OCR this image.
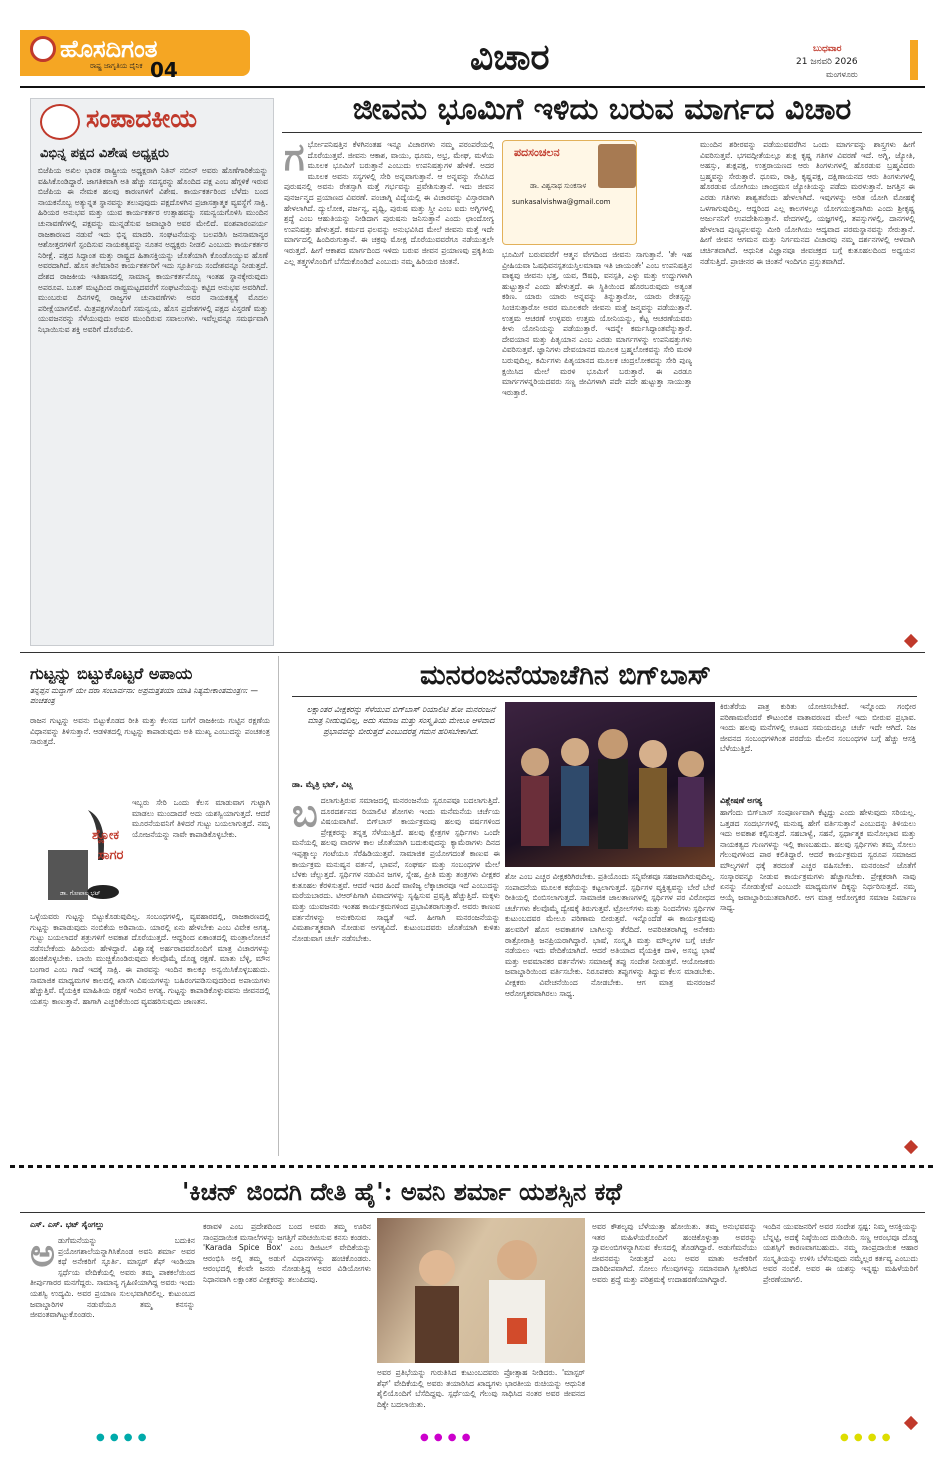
ಹೊಸದಿಗಂತ
ರಾಷ್ಟ್ರ ಜಾಗೃತಿಯ ದೈನಿಕ 04	ವಿಚಾರ	ಬುಧವಾರ
21 ಜನವರಿ 2026
ಮಂಗಳೂರು
ಸಂಪಾದಕೀಯ
ವಿಭಿನ್ನ ಪಕ್ಷದ ವಿಶೇಷ ಅಧ್ಯಕ್ಷರು
ಬಿಜೆಪಿಯ ಅಖಿಲ ಭಾರತ ರಾಷ್ಟ್ರೀಯ ಅಧ್ಯಕ್ಷರಾಗಿ ನಿತಿನ್ ನಬೀನ್ ಅವರು ಹೊಣೆಗಾರಿಕೆಯನ್ನು ವಹಿಸಿಕೊಂಡಿದ್ದಾರೆ. ಜಾಗತಿಕವಾಗಿ ಅತಿ ಹೆಚ್ಚು ಸದಸ್ಯರನ್ನು ಹೊಂದಿದ ಪಕ್ಷ ಎಂಬ ಹೆಗ್ಗಳಿಕೆ ಇರುವ ಬಿಜೆಪಿಯ ಈ ನೇಮಕ ಹಲವು ಕಾರಣಗಳಿಗೆ ವಿಶೇಷ. ಕಾರ್ಯಕರ್ತರಿಂದ ಬೆಳೆದು ಬಂದ ನಾಯಕನೊಬ್ಬ ಅತ್ಯುನ್ನತ ಸ್ಥಾನವನ್ನು ತಲುಪುವುದು ಪಕ್ಷದೊಳಗಿನ ಪ್ರಜಾಸತ್ತಾತ್ಮಕ ವ್ಯವಸ್ಥೆಗೆ ಸಾಕ್ಷಿ. ಹಿರಿಯರ ಅನುಭವ ಮತ್ತು ಯುವ ಕಾರ್ಯಕರ್ತರ ಉತ್ಸಾಹವನ್ನು ಸಮನ್ವಯಗೊಳಿಸಿ ಮುಂದಿನ ಚುನಾವಣೆಗಳಲ್ಲಿ ಪಕ್ಷವನ್ನು ಮುನ್ನಡೆಸುವ ಜವಾಬ್ದಾರಿ ಅವರ ಮೇಲಿದೆ. ವಂಶಪಾರಂಪರ್ಯ ರಾಜಕಾರಣದ ನಡುವೆ ಇದು ಭಿನ್ನ ಮಾದರಿ. ಸಂಘಟನೆಯನ್ನು ಬಲಪಡಿಸಿ ಜನಸಾಮಾನ್ಯರ ಆಶೋತ್ತರಗಳಿಗೆ ಸ್ಪಂದಿಸುವ ನಾಯಕತ್ವವನ್ನು ನೂತನ ಅಧ್ಯಕ್ಷರು ನೀಡಲಿ ಎಂಬುದು ಕಾರ್ಯಕರ್ತರ ನಿರೀಕ್ಷೆ. ಪಕ್ಷದ ಸಿದ್ಧಾಂತ ಮತ್ತು ರಾಷ್ಟ್ರದ ಹಿತಾಸಕ್ತಿಯನ್ನು ಜೊತೆಯಾಗಿ ಕೊಂಡೊಯ್ಯುವ ಹೊಣೆ ಅವರದಾಗಿದೆ. ಹೊಸ ತಲೆಮಾರಿನ ಕಾರ್ಯಕರ್ತರಿಗೆ ಇದು ಸ್ಫೂರ್ತಿಯ ಸಂದೇಶವನ್ನೂ ನೀಡುತ್ತದೆ. ದೇಶದ ರಾಜಕೀಯ ಇತಿಹಾಸದಲ್ಲಿ ಸಾಮಾನ್ಯ ಕಾರ್ಯಕರ್ತನೊಬ್ಬ ಇಂತಹ ಸ್ಥಾನಕ್ಕೇರುವುದು ಅಪರೂಪ. ಬೂತ್ ಮಟ್ಟದಿಂದ ರಾಷ್ಟ್ರಮಟ್ಟದವರೆಗೆ ಸಂಘಟನೆಯನ್ನು ಕಟ್ಟಿದ ಅನುಭವ ಅವರಿಗಿದೆ. ಮುಂಬರುವ ದಿನಗಳಲ್ಲಿ ರಾಜ್ಯಗಳ ಚುನಾವಣೆಗಳು ಅವರ ನಾಯಕತ್ವಕ್ಕೆ ಮೊದಲ ಪರೀಕ್ಷೆಯಾಗಲಿವೆ. ಮಿತ್ರಪಕ್ಷಗಳೊಂದಿಗೆ ಸಮನ್ವಯ, ಹೊಸ ಪ್ರದೇಶಗಳಲ್ಲಿ ಪಕ್ಷದ ವಿಸ್ತರಣೆ ಮತ್ತು ಯುವಜನರನ್ನು ಸೆಳೆಯುವುದು ಅವರ ಮುಂದಿರುವ ಸವಾಲುಗಳು. ಇವೆಲ್ಲವನ್ನೂ ಸಮರ್ಥವಾಗಿ ನಿಭಾಯಿಸುವ ಶಕ್ತಿ ಅವರಿಗೆ ದೊರೆಯಲಿ.
ಜೀವನು ಭೂಮಿಗೆ ಇಳಿದು ಬರುವ ಮಾರ್ಗದ ವಿಚಾರ
ಗರ್ಭೋಪನಿಷತ್ತಿನ ಕೆಳಗಿನಂತಹ ಇನ್ನೂ ವಿಚಾರಗಳು ನಮ್ಮ ಪರಂಪರೆಯಲ್ಲಿ ದೊರೆಯುತ್ತವೆ. ಜೀವನು ಆಕಾಶ, ವಾಯು, ಧೂಮ, ಅಭ್ರ, ಮೇಘ, ಮಳೆಯ ಮೂಲಕ ಭೂಮಿಗೆ ಬರುತ್ತಾನೆ ಎಂಬುದು ಉಪನಿಷತ್ತುಗಳ ಹೇಳಿಕೆ. ಅದರ ಮೂಲಕ ಅವನು ಸಸ್ಯಗಳಲ್ಲಿ ಸೇರಿ ಅನ್ನವಾಗುತ್ತಾನೆ. ಆ ಅನ್ನವನ್ನು ಸೇವಿಸಿದ ಪುರುಷನಲ್ಲಿ ಅವನು ರೇತಸ್ಸಾಗಿ ಮತ್ತೆ ಗರ್ಭವನ್ನು ಪ್ರವೇಶಿಸುತ್ತಾನೆ. ಇದು ಜೀವನ ಪುನರ್ಜನ್ಮದ ಪ್ರಯಾಣದ ವಿವರಣೆ. ಪಂಚಾಗ್ನಿ ವಿದ್ಯೆಯಲ್ಲಿ ಈ ವಿಚಾರವನ್ನು ವಿಸ್ತಾರವಾಗಿ ಹೇಳಲಾಗಿದೆ. ದ್ಯುಲೋಕ, ಪರ್ಜನ್ಯ, ಪೃಥ್ವಿ, ಪುರುಷ ಮತ್ತು ಸ್ತ್ರೀ ಎಂಬ ಐದು ಅಗ್ನಿಗಳಲ್ಲಿ ಶ್ರದ್ಧೆ ಎಂಬ ಆಹುತಿಯನ್ನು ನೀಡಿದಾಗ ಪುರುಷನು ಜನಿಸುತ್ತಾನೆ ಎಂದು ಛಾಂದೋಗ್ಯ ಉಪನಿಷತ್ತು ಹೇಳುತ್ತದೆ. ಕರ್ಮದ ಫಲವನ್ನು ಅನುಭವಿಸಿದ ಮೇಲೆ ಜೀವನು ಮತ್ತೆ ಇದೇ ಮಾರ್ಗದಲ್ಲಿ ಹಿಂದಿರುಗುತ್ತಾನೆ. ಈ ಚಕ್ರವು ಮೋಕ್ಷ ದೊರೆಯುವವರೆಗೂ ನಡೆಯುತ್ತಲೇ ಇರುತ್ತದೆ. ಹೀಗೆ ಆಕಾಶದ ಮಾರ್ಗದಿಂದ ಇಳಿದು ಬರುವ ಜೀವನ ಪ್ರಯಾಣವು ಪ್ರಕೃತಿಯ ಎಲ್ಲ ತತ್ತ್ವಗಳೊಂದಿಗೆ ಬೆಸೆದುಕೊಂಡಿದೆ ಎಂಬುದು ನಮ್ಮ ಹಿರಿಯರ ಚಿಂತನೆ.
ಪದಸಂಚಲನ
ಡಾ. ವಿಶ್ವನಾಥ ಸುಂಕಸಾಳ
sunkasalvishwa@gmail.com
ಭೂಮಿಗೆ ಬರುವವರೆಗೆ ಆತ್ಮನ ವೇಗದಿಂದ ಜೀವನು ಸಾಗುತ್ತಾನೆ. 'ತೇ ಇಹ ವ್ರೀಹಿಯವಾ ಓಷಧಿವನಸ್ಪತಯಸ್ತಿಲಮಾಷಾ ಇತಿ ಜಾಯಂತೇ' ಎಂಬ ಉಪನಿಷತ್ತಿನ ವಾಕ್ಯವು ಜೀವನು ಭತ್ತ, ಯವ, ಔಷಧಿ, ವನಸ್ಪತಿ, ಎಳ್ಳು ಮತ್ತು ಉದ್ದುಗಳಾಗಿ ಹುಟ್ಟುತ್ತಾನೆ ಎಂದು ಹೇಳುತ್ತದೆ. ಈ ಸ್ಥಿತಿಯಿಂದ ಹೊರಬರುವುದು ಅತ್ಯಂತ ಕಠಿಣ. ಯಾರು ಯಾರು ಅನ್ನವನ್ನು ತಿನ್ನುತ್ತಾರೋ, ಯಾರು ರೇತಸ್ಸನ್ನು ಸಿಂಚಿಸುತ್ತಾರೋ ಅವರ ಮೂಲಕವೇ ಜೀವನು ಮತ್ತೆ ಜನ್ಮವನ್ನು ಪಡೆಯುತ್ತಾನೆ. ಉತ್ತಮ ಆಚರಣೆ ಉಳ್ಳವರು ಉತ್ತಮ ಯೋನಿಯನ್ನು, ಕೆಟ್ಟ ಆಚರಣೆಯವರು ಕೀಳು ಯೋನಿಯನ್ನು ಪಡೆಯುತ್ತಾರೆ. ಇದನ್ನೇ ಕರ್ಮಸಿದ್ಧಾಂತವೆನ್ನುತ್ತಾರೆ. ದೇವಯಾನ ಮತ್ತು ಪಿತೃಯಾನ ಎಂಬ ಎರಡು ಮಾರ್ಗಗಳನ್ನು ಉಪನಿಷತ್ತುಗಳು ವಿವರಿಸುತ್ತವೆ. ಜ್ಞಾನಿಗಳು ದೇವಯಾನದ ಮೂಲಕ ಬ್ರಹ್ಮಲೋಕವನ್ನು ಸೇರಿ ಮರಳಿ ಬರುವುದಿಲ್ಲ. ಕರ್ಮಿಗಳು ಪಿತೃಯಾನದ ಮೂಲಕ ಚಂದ್ರಲೋಕವನ್ನು ಸೇರಿ ಪುಣ್ಯ ಕ್ಷಯಿಸಿದ ಮೇಲೆ ಮರಳಿ ಭೂಮಿಗೆ ಬರುತ್ತಾರೆ. ಈ ಎರಡೂ ಮಾರ್ಗಗಳನ್ನರಿಯದವರು ಸಣ್ಣ ಜೀವಿಗಳಾಗಿ ಪದೇ ಪದೇ ಹುಟ್ಟುತ್ತಾ ಸಾಯುತ್ತಾ ಇರುತ್ತಾರೆ.
ಮುಂದಿನ ಶರೀರವನ್ನು ಪಡೆಯುವವರೆಗಿನ ಒಂದು ಮಾರ್ಗವನ್ನು ಶಾಸ್ತ್ರಗಳು ಹೀಗೆ ವಿವರಿಸುತ್ತವೆ. ಭಗವದ್ಗೀತೆಯಲ್ಲೂ ಶುಕ್ಲ ಕೃಷ್ಣ ಗತಿಗಳ ವಿವರಣೆ ಇದೆ. ಅಗ್ನಿ, ಜ್ಯೋತಿ, ಅಹಸ್ಸು, ಶುಕ್ಲಪಕ್ಷ, ಉತ್ತರಾಯಣದ ಆರು ತಿಂಗಳುಗಳಲ್ಲಿ ಹೊರಡುವ ಬ್ರಹ್ಮವಿದರು ಬ್ರಹ್ಮವನ್ನು ಸೇರುತ್ತಾರೆ. ಧೂಮ, ರಾತ್ರಿ, ಕೃಷ್ಣಪಕ್ಷ, ದಕ್ಷಿಣಾಯನದ ಆರು ತಿಂಗಳುಗಳಲ್ಲಿ ಹೊರಡುವ ಯೋಗಿಯು ಚಾಂದ್ರಮಸ ಜ್ಯೋತಿಯನ್ನು ಪಡೆದು ಮರಳುತ್ತಾನೆ. ಜಗತ್ತಿನ ಈ ಎರಡು ಗತಿಗಳು ಶಾಶ್ವತವೆಂದು ಹೇಳಲಾಗಿದೆ. ಇವುಗಳನ್ನು ಅರಿತ ಯೋಗಿ ಮೋಹಕ್ಕೆ ಒಳಗಾಗುವುದಿಲ್ಲ. ಆದ್ದರಿಂದ ಎಲ್ಲ ಕಾಲಗಳಲ್ಲೂ ಯೋಗಯುಕ್ತನಾಗಿರು ಎಂದು ಶ್ರೀಕೃಷ್ಣ ಅರ್ಜುನನಿಗೆ ಉಪದೇಶಿಸುತ್ತಾನೆ. ವೇದಗಳಲ್ಲಿ, ಯಜ್ಞಗಳಲ್ಲಿ, ತಪಸ್ಸುಗಳಲ್ಲಿ, ದಾನಗಳಲ್ಲಿ ಹೇಳಲಾದ ಪುಣ್ಯಫಲವನ್ನು ಮೀರಿ ಯೋಗಿಯು ಆದ್ಯವಾದ ಪರಮಸ್ಥಾನವನ್ನು ಸೇರುತ್ತಾನೆ. ಹೀಗೆ ಜೀವನ ಆಗಮನ ಮತ್ತು ನಿರ್ಗಮನದ ವಿಚಾರವು ನಮ್ಮ ದರ್ಶನಗಳಲ್ಲಿ ಆಳವಾಗಿ ಚರ್ಚಿತವಾಗಿದೆ. ಆಧುನಿಕ ವಿಜ್ಞಾನವೂ ಜೀವಚಕ್ರದ ಬಗ್ಗೆ ಕುತೂಹಲದಿಂದ ಅಧ್ಯಯನ ನಡೆಸುತ್ತಿದೆ. ಪ್ರಾಚೀನರ ಈ ಚಿಂತನೆ ಇಂದಿಗೂ ಪ್ರಸ್ತುತವಾಗಿದೆ.
ಗುಟ್ಟನ್ನು ಬಿಟ್ಟುಕೊಟ್ಟರೆ ಅಪಾಯ
ತನ್ನಪ್ಪನ ಮದ್ದಾಗ್ ಯೇ ದರಾ ಸಂಬಾರ್ವನಾ: ಅಪ್ರಮತ್ತತಯಾ ಯಾತಿ ನಿತ್ಯಮೇಕಾಂತಮಂತ್ರಣ: — ಪಂಚತಂತ್ರ
ರಾಜನ ಗುಟ್ಟನ್ನು ಅವನು ಬಿಟ್ಟುಕೊಡದ ರೀತಿ ಮತ್ತು ಕೆಲಸದ ಬಗೆಗೆ ರಾಜಕೀಯ ಗುಟ್ಟಿನ ರಕ್ಷಣೆಯ ವಿಧಾನವನ್ನು ತಿಳಿಸುತ್ತಾನೆ. ಆಡಳಿತದಲ್ಲಿ ಗುಟ್ಟನ್ನು ಕಾಪಾಡುವುದು ಅತಿ ಮುಖ್ಯ ಎಂಬುದನ್ನು ಪಂಚತಂತ್ರ ಸಾರುತ್ತದೆ.
ಶ್ಲೋಕ
ಸಾಗರ
ಡಾ. ಗೋಪಾಲ ಭಟ್
ಇಬ್ಬರು ಸೇರಿ ಒಂದು ಕೆಲಸ ಮಾಡುವಾಗ ಗುಟ್ಟಾಗಿ ಮಾಡಲು ಮುಂದಾದರೆ ಅದು ಯಶಸ್ವಿಯಾಗುತ್ತದೆ. ಆದರೆ ಮೂರನೆಯವನಿಗೆ ತಿಳಿದರೆ ಗುಟ್ಟು ಬಯಲಾಗುತ್ತದೆ. ನಮ್ಮ ಯೋಜನೆಯನ್ನು ನಾವೇ ಕಾಪಾಡಿಕೊಳ್ಳಬೇಕು.
ಒಳ್ಳೆಯವರು ಗುಟ್ಟನ್ನು ಬಿಟ್ಟುಕೊಡುವುದಿಲ್ಲ. ಸಂಬಂಧಗಳಲ್ಲಿ, ವ್ಯವಹಾರದಲ್ಲಿ, ರಾಜಕಾರಣದಲ್ಲಿ ಗುಟ್ಟನ್ನು ಕಾಪಾಡುವುದು ನಂಬಿಕೆಯ ಅಡಿಪಾಯ. ಯಾರಲ್ಲಿ ಏನು ಹೇಳಬೇಕು ಎಂಬ ವಿವೇಕ ಅಗತ್ಯ. ಗುಟ್ಟು ಬಯಲಾದರೆ ಶತ್ರುಗಳಿಗೆ ಅವಕಾಶ ದೊರೆಯುತ್ತದೆ. ಆದ್ದರಿಂದ ಏಕಾಂತದಲ್ಲಿ ಮಂತ್ರಾಲೋಚನೆ ನಡೆಸಬೇಕೆಂದು ಹಿರಿಯರು ಹೇಳಿದ್ದಾರೆ. ವಿಶ್ವಾಸಕ್ಕೆ ಅರ್ಹರಾದವರೊಂದಿಗೆ ಮಾತ್ರ ವಿಚಾರಗಳನ್ನು ಹಂಚಿಕೊಳ್ಳಬೇಕು. ಬಾಯಿ ಮುಚ್ಚಿಕೊಂಡಿರುವುದು ಕೆಲವೊಮ್ಮೆ ದೊಡ್ಡ ರಕ್ಷಣೆ. ಮಾತು ಬೆಳ್ಳಿ, ಮೌನ ಬಂಗಾರ ಎಂಬ ಗಾದೆ ಇದಕ್ಕೆ ಸಾಕ್ಷಿ. ಈ ಪಾಠವನ್ನು ಇಂದಿನ ಕಾಲಕ್ಕೂ ಅನ್ವಯಿಸಿಕೊಳ್ಳಬಹುದು. ಸಾಮಾಜಿಕ ಮಾಧ್ಯಮಗಳ ಕಾಲದಲ್ಲಿ ಖಾಸಗಿ ವಿಷಯಗಳನ್ನು ಬಹಿರಂಗಪಡಿಸುವುದರಿಂದ ಅಪಾಯಗಳು ಹೆಚ್ಚುತ್ತಿವೆ. ವೈಯಕ್ತಿಕ ಮಾಹಿತಿಯ ರಕ್ಷಣೆ ಇಂದಿನ ಅಗತ್ಯ. ಗುಟ್ಟನ್ನು ಕಾಪಾಡಿಕೊಳ್ಳುವವನು ಜೀವನದಲ್ಲಿ ಯಶಸ್ಸು ಕಾಣುತ್ತಾನೆ. ಹಾಗಾಗಿ ಎಚ್ಚರಿಕೆಯಿಂದ ವ್ಯವಹರಿಸುವುದು ಜಾಣತನ.
ಮನರಂಜನೆಯಾಚೆಗಿನ ಬಿಗ್‌ಬಾಸ್
ಲಕ್ಷಾಂತರ ವೀಕ್ಷಕರನ್ನು ಸೆಳೆಯುವ ಬಿಗ್‌ಬಾಸ್ ರಿಯಾಲಿಟಿ ಶೋ ಮನರಂಜನೆ ಮಾತ್ರ ನೀಡುವುದಿಲ್ಲ, ಅದು ಸಮಾಜ ಮತ್ತು ಸಂಸ್ಕೃತಿಯ ಮೇಲೂ ಆಳವಾದ ಪ್ರಭಾವವನ್ನು ಬೀರುತ್ತದೆ ಎಂಬುದರತ್ತ ಗಮನ ಹರಿಸಬೇಕಾಗಿದೆ.
ಡಾ. ಮೈತ್ರಿ ಭಟ್, ವಿಟ್ಲ
ಬದಲಾಗುತ್ತಿರುವ ಸಮಾಜದಲ್ಲಿ ಮನರಂಜನೆಯ ಸ್ವರೂಪವೂ ಬದಲಾಗುತ್ತಿದೆ. ದೂರದರ್ಶನದ ರಿಯಾಲಿಟಿ ಶೋಗಳು ಇಂದು ಮನೆಮನೆಯ ಚರ್ಚೆಯ ವಿಷಯವಾಗಿವೆ. ಬಿಗ್‌ಬಾಸ್ ಕಾರ್ಯಕ್ರಮವು ಹಲವು ವರ್ಷಗಳಿಂದ ಪ್ರೇಕ್ಷಕರನ್ನು ತನ್ನತ್ತ ಸೆಳೆಯುತ್ತಿದೆ. ಹಲವು ಕ್ಷೇತ್ರಗಳ ಸ್ಪರ್ಧಿಗಳು ಒಂದೇ ಮನೆಯಲ್ಲಿ ಹಲವು ವಾರಗಳ ಕಾಲ ಜೊತೆಯಾಗಿ ಬದುಕುವುದನ್ನು ಕ್ಯಾಮೆರಾಗಳು ದಿನದ ಇಪ್ಪತ್ನಾಲ್ಕು ಗಂಟೆಯೂ ಸೆರೆಹಿಡಿಯುತ್ತವೆ. ಸಾಮಾಜಿಕ ಪ್ರಯೋಗದಂತೆ ಕಾಣುವ ಈ ಕಾರ್ಯಕ್ರಮ ಮನುಷ್ಯನ ವರ್ತನೆ, ಭಾವನೆ, ಸಂಘರ್ಷ ಮತ್ತು ಸಂಬಂಧಗಳ ಮೇಲೆ ಬೆಳಕು ಚೆಲ್ಲುತ್ತದೆ. ಸ್ಪರ್ಧಿಗಳ ನಡುವಿನ ಜಗಳ, ಸ್ನೇಹ, ಪ್ರೀತಿ ಮತ್ತು ತಂತ್ರಗಳು ವೀಕ್ಷಕರ ಕುತೂಹಲ ಕೆರಳಿಸುತ್ತವೆ. ಆದರೆ ಇದರ ಹಿಂದೆ ವಾಣಿಜ್ಯ ಲೆಕ್ಕಾಚಾರವೂ ಇದೆ ಎಂಬುದನ್ನು ಮರೆಯಬಾರದು. ಟಿಆರ್‌ಪಿಗಾಗಿ ವಿವಾದಗಳನ್ನು ಸೃಷ್ಟಿಸುವ ಪ್ರವೃತ್ತಿ ಹೆಚ್ಚುತ್ತಿದೆ. ಮಕ್ಕಳು ಮತ್ತು ಯುವಜನರು ಇಂತಹ ಕಾರ್ಯಕ್ರಮಗಳಿಂದ ಪ್ರಭಾವಿತರಾಗುತ್ತಾರೆ. ಅವರು ಕಾಣುವ ವರ್ತನೆಗಳನ್ನು ಅನುಕರಿಸುವ ಸಾಧ್ಯತೆ ಇದೆ. ಹೀಗಾಗಿ ಮನರಂಜನೆಯನ್ನು ವಿಮರ್ಶಾತ್ಮಕವಾಗಿ ನೋಡುವ ಅಗತ್ಯವಿದೆ. ಕುಟುಂಬದವರು ಜೊತೆಯಾಗಿ ಕುಳಿತು ನೋಡುವಾಗ ಚರ್ಚೆ ನಡೆಸಬೇಕು.
ಶೋ ಎಂಬ ಎಚ್ಚರ ವೀಕ್ಷಕರಿಗಿರಬೇಕು. ಪ್ರತಿಯೊಂದು ಸನ್ನಿವೇಶವೂ ಸಹಜವಾಗಿರುವುದಿಲ್ಲ. ಸಂಪಾದನೆಯ ಮೂಲಕ ಕಥೆಯನ್ನು ಕಟ್ಟಲಾಗುತ್ತದೆ. ಸ್ಪರ್ಧಿಗಳ ವ್ಯಕ್ತಿತ್ವವನ್ನು ಬೇರೆ ಬೇರೆ ರೀತಿಯಲ್ಲಿ ಬಿಂಬಿಸಲಾಗುತ್ತದೆ. ಸಾಮಾಜಿಕ ಜಾಲತಾಣಗಳಲ್ಲಿ ಸ್ಪರ್ಧಿಗಳ ಪರ ವಿರೋಧದ ಚರ್ಚೆಗಳು ಕೆಲವೊಮ್ಮೆ ದ್ವೇಷಕ್ಕೆ ತಿರುಗುತ್ತವೆ. ಟ್ರೋಲ್‌ಗಳು ಮತ್ತು ನಿಂದನೆಗಳು ಸ್ಪರ್ಧಿಗಳ ಕುಟುಂಬದವರ ಮೇಲೂ ಪರಿಣಾಮ ಬೀರುತ್ತವೆ. ಇನ್ನೊಂದೆಡೆ ಈ ಕಾರ್ಯಕ್ರಮವು ಹಲವರಿಗೆ ಹೊಸ ಅವಕಾಶಗಳ ಬಾಗಿಲನ್ನು ತೆರೆದಿದೆ. ಅಪರಿಚಿತರಾಗಿದ್ದ ಅನೇಕರು ರಾತ್ರೋರಾತ್ರಿ ಜನಪ್ರಿಯರಾಗಿದ್ದಾರೆ. ಭಾಷೆ, ಸಂಸ್ಕೃತಿ ಮತ್ತು ಮೌಲ್ಯಗಳ ಬಗ್ಗೆ ಚರ್ಚೆ ನಡೆಯಲು ಇದು ವೇದಿಕೆಯಾಗಿದೆ. ಆದರೆ ಅತಿಯಾದ ವೈಯಕ್ತಿಕ ದಾಳಿ, ಅಸಭ್ಯ ಭಾಷೆ ಮತ್ತು ಅವಮಾನಕರ ವರ್ತನೆಗಳು ಸಮಾಜಕ್ಕೆ ತಪ್ಪು ಸಂದೇಶ ನೀಡುತ್ತವೆ. ಆಯೋಜಕರು ಜವಾಬ್ದಾರಿಯಿಂದ ವರ್ತಿಸಬೇಕು. ನಿರೂಪಕರು ತಪ್ಪುಗಳನ್ನು ತಿದ್ದುವ ಕೆಲಸ ಮಾಡಬೇಕು. ವೀಕ್ಷಕರು ವಿವೇಚನೆಯಿಂದ ನೋಡಬೇಕು. ಆಗ ಮಾತ್ರ ಮನರಂಜನೆ ಆರೋಗ್ಯಕರವಾಗಿರಲು ಸಾಧ್ಯ.
ಕಿರುತೆರೆಯ ಪಾತ್ರ ಕುರಿತು ಯೋಚಿಸಬೇಕಿದೆ. ಇನ್ನೊಂದು ಗಂಭೀರ ಪರಿಣಾಮವೆಂದರೆ ಕೌಟುಂಬಿಕ ವಾತಾವರಣದ ಮೇಲೆ ಇದು ಬೀರುವ ಪ್ರಭಾವ. ಇಂದು ಹಲವು ಮನೆಗಳಲ್ಲಿ ಊಟದ ಸಮಯದಲ್ಲೂ ಚರ್ಚೆ ಇದೇ ಆಗಿದೆ. ನಿಜ ಜೀವನದ ಸಂಬಂಧಗಳಿಗಿಂತ ಪರದೆಯ ಮೇಲಿನ ಸಂಬಂಧಗಳ ಬಗ್ಗೆ ಹೆಚ್ಚು ಆಸಕ್ತಿ ಬೆಳೆಯುತ್ತಿದೆ.
ವಿಶ್ಲೇಷಣೆ ಅಗತ್ಯ
ಹಾಗೆಂದು ಬಿಗ್‌ಬಾಸ್ ಸಂಪೂರ್ಣವಾಗಿ ಕೆಟ್ಟದ್ದು ಎಂದು ಹೇಳುವುದು ಸರಿಯಲ್ಲ. ಒತ್ತಡದ ಸಂದರ್ಭಗಳಲ್ಲಿ ಮನುಷ್ಯ ಹೇಗೆ ವರ್ತಿಸುತ್ತಾನೆ ಎಂಬುದನ್ನು ತಿಳಿಯಲು ಇದು ಅವಕಾಶ ಕಲ್ಪಿಸುತ್ತದೆ. ಸಹಬಾಳ್ವೆ, ಸಹನೆ, ಸ್ಪರ್ಧಾತ್ಮಕ ಮನೋಭಾವ ಮತ್ತು ನಾಯಕತ್ವದ ಗುಣಗಳನ್ನು ಇಲ್ಲಿ ಕಾಣಬಹುದು. ಹಲವು ಸ್ಪರ್ಧಿಗಳು ತಮ್ಮ ಸೋಲು ಗೆಲುವುಗಳಿಂದ ಪಾಠ ಕಲಿತಿದ್ದಾರೆ. ಆದರೆ ಕಾರ್ಯಕ್ರಮದ ಸ್ವರೂಪ ಸಮಾಜದ ಮೌಲ್ಯಗಳಿಗೆ ಧಕ್ಕೆ ತರದಂತೆ ಎಚ್ಚರ ವಹಿಸಬೇಕು. ಮನರಂಜನೆ ಜೊತೆಗೆ ಸಂಸ್ಕಾರವನ್ನೂ ನೀಡುವ ಕಾರ್ಯಕ್ರಮಗಳು ಹೆಚ್ಚಾಗಬೇಕು. ಪ್ರೇಕ್ಷಕರಾಗಿ ನಾವು ಏನನ್ನು ನೋಡುತ್ತೇವೆ ಎಂಬುದೇ ಮಾಧ್ಯಮಗಳ ದಿಕ್ಕನ್ನು ನಿರ್ಧರಿಸುತ್ತದೆ. ನಮ್ಮ ಆಯ್ಕೆ ಜವಾಬ್ದಾರಿಯುತವಾಗಿರಲಿ. ಆಗ ಮಾತ್ರ ಆರೋಗ್ಯಕರ ಸಮಾಜ ನಿರ್ಮಾಣ ಸಾಧ್ಯ.
'ಕಿಚನ್ ಜಿಂದಗಿ ದೇತಿ ಹೈ': ಅವನಿ ಶರ್ಮಾ ಯಶಸ್ಸಿನ ಕಥೆ
ಎಸ್. ಎಸ್. ಭಟ್ ಸೈಂಗಲ್ಲು
ಅಡುಗೆಮನೆಯನ್ನು ಬದುಕಿನ ಪ್ರಯೋಗಶಾಲೆಯನ್ನಾಗಿಸಿಕೊಂಡ ಅವನಿ ಶರ್ಮಾ ಅವರ ಕಥೆ ಅನೇಕರಿಗೆ ಸ್ಫೂರ್ತಿ. ಮಾಸ್ಟರ್ ಶೆಫ್ ಇಂಡಿಯಾ ಸ್ಪರ್ಧೆಯ ವೇದಿಕೆಯಲ್ಲಿ ಅವರು ತಮ್ಮ ಪಾಕಕಲೆಯಿಂದ ತೀರ್ಪುಗಾರರ ಮನಗೆದ್ದರು. ಸಾಮಾನ್ಯ ಗೃಹಿಣಿಯಾಗಿದ್ದ ಅವರು ಇಂದು ಯಶಸ್ವಿ ಉದ್ಯಮಿ. ಅವರ ಪ್ರಯಾಣ ಸುಲಭವಾಗಿರಲಿಲ್ಲ. ಕುಟುಂಬದ ಜವಾಬ್ದಾರಿಗಳ ನಡುವೆಯೂ ತಮ್ಮ ಕನಸನ್ನು ಜೀವಂತವಾಗಿಟ್ಟುಕೊಂಡರು.
ಕರಾವಳಿ ಎಂಬ ಪ್ರದೇಶದಿಂದ ಬಂದ ಅವರು ತಮ್ಮ ಊರಿನ ಸಾಂಪ್ರದಾಯಿಕ ಮಸಾಲೆಗಳನ್ನು ಜಗತ್ತಿಗೆ ಪರಿಚಯಿಸುವ ಕನಸು ಕಂಡರು. 'Karada Spice Box' ಎಂಬ ಡಿಜಿಟಲ್ ವೇದಿಕೆಯನ್ನು ಆರಂಭಿಸಿ ಅಲ್ಲಿ ತಮ್ಮ ಅಡುಗೆ ವಿಧಾನಗಳನ್ನು ಹಂಚಿಕೊಂಡರು. ಆರಂಭದಲ್ಲಿ ಕೆಲವೇ ಜನರು ನೋಡುತ್ತಿದ್ದ ಅವರ ವಿಡಿಯೋಗಳು ನಿಧಾನವಾಗಿ ಲಕ್ಷಾಂತರ ವೀಕ್ಷಕರನ್ನು ತಲುಪಿದವು.
ಅವರ ಪ್ರತಿಭೆಯನ್ನು ಗುರುತಿಸಿದ ಕುಟುಂಬದವರು ಪ್ರೋತ್ಸಾಹ ನೀಡಿದರು. 'ಮಾಸ್ಟರ್ ಶೆಫ್' ವೇದಿಕೆಯಲ್ಲಿ ಅವರು ತಯಾರಿಸಿದ ಖಾದ್ಯಗಳು ಭಾರತೀಯ ರುಚಿಯನ್ನು ಆಧುನಿಕ ಶೈಲಿಯೊಂದಿಗೆ ಬೆಸೆದಿದ್ದವು. ಸ್ಪರ್ಧೆಯಲ್ಲಿ ಗೆಲುವು ಸಾಧಿಸಿದ ನಂತರ ಅವರ ಜೀವನದ ದಿಕ್ಕೇ ಬದಲಾಯಿತು.
ಅವರ ಕೌಶಲ್ಯವು ಬೆಳೆಯುತ್ತಾ ಹೋಯಿತು. ತಮ್ಮ ಅನುಭವವನ್ನು ಇತರ ಮಹಿಳೆಯರೊಂದಿಗೆ ಹಂಚಿಕೊಳ್ಳುತ್ತಾ ಅವರನ್ನು ಸ್ವಾವಲಂಬಿಗಳನ್ನಾಗಿಸುವ ಕೆಲಸದಲ್ಲಿ ತೊಡಗಿದ್ದಾರೆ. ಅಡುಗೆಮನೆಯು ಜೀವನವನ್ನು ನೀಡುತ್ತದೆ ಎಂಬ ಅವರ ಮಾತು ಅನೇಕರಿಗೆ ದಾರಿದೀಪವಾಗಿದೆ. ಸೋಲು ಗೆಲುವುಗಳನ್ನು ಸಮಾನವಾಗಿ ಸ್ವೀಕರಿಸಿದ ಅವರು ಶ್ರದ್ಧೆ ಮತ್ತು ಪರಿಶ್ರಮಕ್ಕೆ ಉದಾಹರಣೆಯಾಗಿದ್ದಾರೆ.
ಇಂದಿನ ಯುವಜನರಿಗೆ ಅವರ ಸಂದೇಶ ಸ್ಪಷ್ಟ: ನಿಮ್ಮ ಆಸಕ್ತಿಯನ್ನು ಬೆನ್ನಟ್ಟಿ, ಅದಕ್ಕೆ ನಿಷ್ಠೆಯಿಂದ ದುಡಿಯಿರಿ. ಸಣ್ಣ ಆರಂಭವೂ ದೊಡ್ಡ ಯಶಸ್ಸಿಗೆ ಕಾರಣವಾಗಬಹುದು. ನಮ್ಮ ಸಾಂಪ್ರದಾಯಿಕ ಆಹಾರ ಸಂಸ್ಕೃತಿಯನ್ನು ಉಳಿಸಿ ಬೆಳೆಸುವುದು ನಮ್ಮೆಲ್ಲರ ಕರ್ತವ್ಯ ಎಂಬುದು ಅವರ ನಂಬಿಕೆ. ಅವರ ಈ ಯಶಸ್ಸು ಇನ್ನಷ್ಟು ಮಹಿಳೆಯರಿಗೆ ಪ್ರೇರಣೆಯಾಗಲಿ.
● ● ● ●	● ● ● ●	● ● ● ●
